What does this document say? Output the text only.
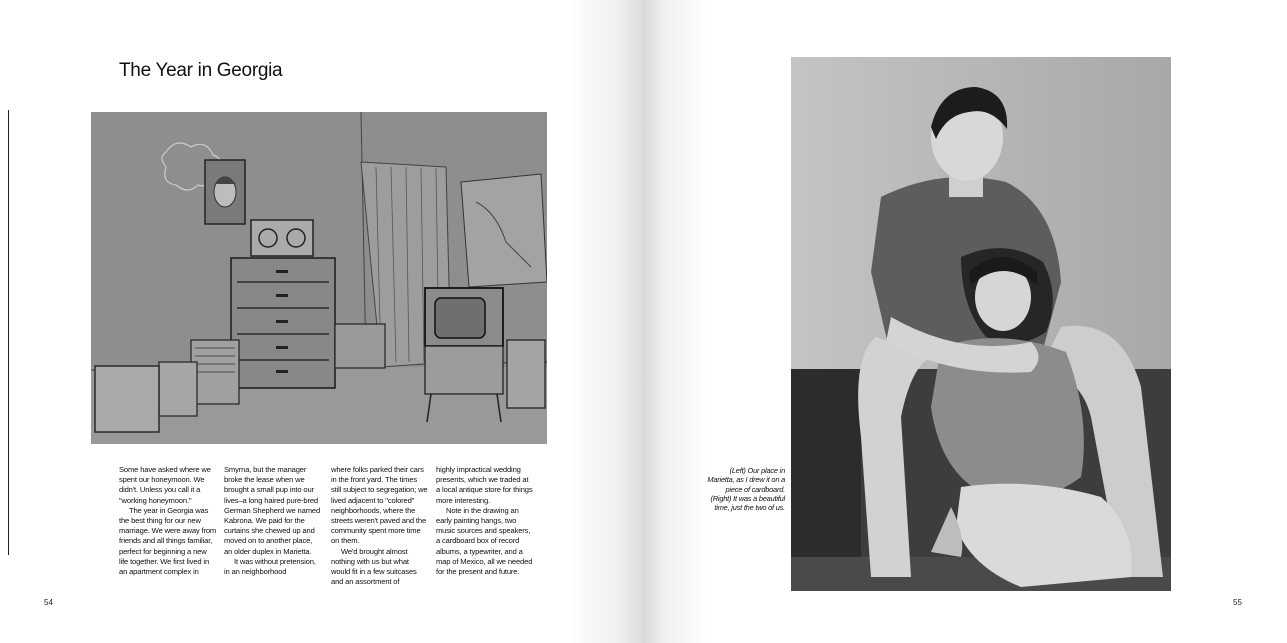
The Year in Georgia

Some have asked where we spent our honeymoon. We didn't. Unless you call it a "working honeymoon."

The year in Georgia was the best thing for our new marriage. We were away from friends and all things familiar, perfect for beginning a new life together. We first lived in an apartment complex in

Smyrna, but the manager broke the lease when we brought a small pup into our lives–a long haired pure-bred German Shepherd we named Kabrona. We paid for the curtains she chewed up and moved on to another place, an older duplex in Marietta.

It was without pretension, in an neighborhood

where folks parked their cars in the front yard. The times still subject to segregation; we lived adjacent to "colored" neighborhoods, where the streets weren't paved and the community spent more time on them.

We'd brought almost nothing with us but what would fit in a few suitcases and an assortment of

highly impractical wedding presents, which we traded at a local antique store for things more interesting.

Note in the drawing an early painting hangs, two music sources and speakers, a cardboard box of record albums, a typewriter, and a map of Mexico, all we needed for the present and future.

54

(Left) Our place in Marietta, as I drew it on a piece of cardboard.

(Right) It was a beautiful time, just the two of us.

55
